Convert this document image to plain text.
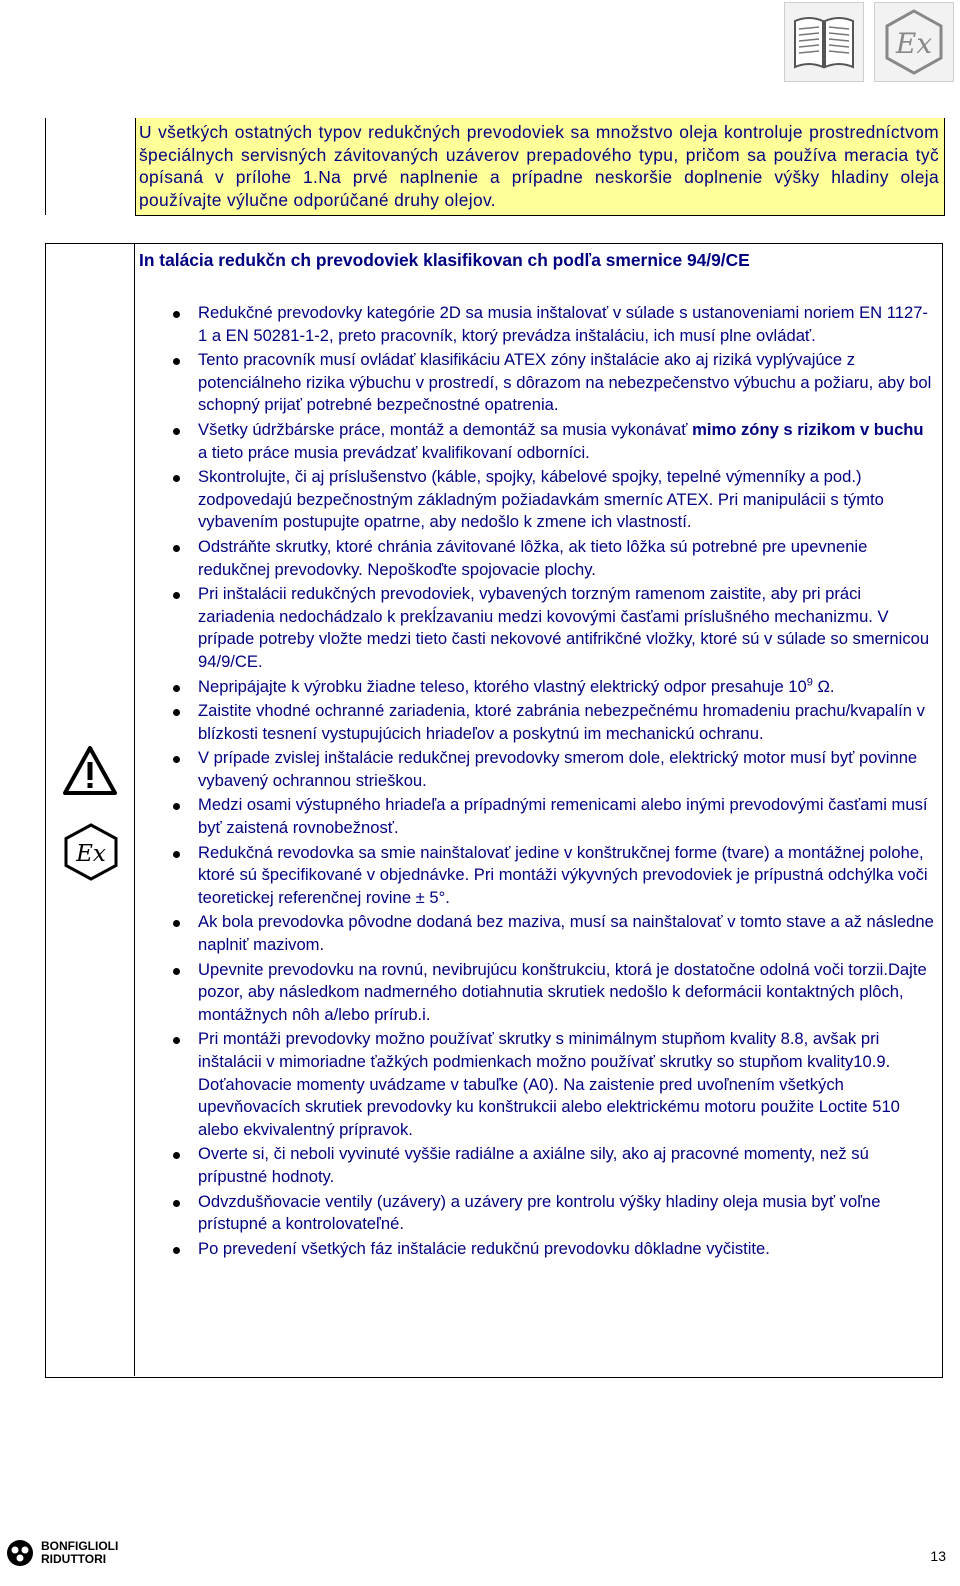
Ex
U všetkých ostatných typov redukčných prevodoviek sa množstvo oleja kontroluje prostredníctvom špeciálnych servisných závitovaných uzáverov prepadového typu, pričom sa používa meracia tyč opísaná v prílohe 1.Na prvé naplnenie a prípadne neskoršie doplnenie výšky hladiny oleja používajte výlučne odporúčané druhy olejov.
Ex
In talácia redukčn ch prevodoviek klasifikovan ch podľa smernice 94/9/CE
Redukčné prevodovky kategórie 2D sa musia inštalovať v súlade s ustanoveniami noriem EN 1127-1 a EN 50281-1-2, preto pracovník, ktorý prevádza inštaláciu, ich musí plne ovládať.
Tento pracovník musí ovládať klasifikáciu ATEX zóny inštalácie ako aj riziká vyplývajúce z potenciálneho rizika výbuchu v prostredí, s dôrazom na nebezpečenstvo výbuchu a požiaru, aby bol schopný prijať potrebné bezpečnostné opatrenia.
Všetky údržbárske práce, montáž a demontáž sa musia vykonávať mimo zóny s rizikom v buchu a tieto práce musia prevádzať kvalifikovaní odborníci.
Skontrolujte, či aj príslušenstvo (káble, spojky, kábelové spojky, tepelné výmenníky a pod.) zodpovedajú bezpečnostným základným požiadavkám smerníc ATEX. Pri manipulácii s týmto vybavením postupujte opatrne, aby nedošlo k zmene ich vlastností.
Odstráňte skrutky, ktoré chránia závitované lôžka, ak tieto lôžka sú potrebné pre upevnenie redukčnej prevodovky. Nepoškoďte spojovacie plochy.
Pri inštalácii redukčných prevodoviek, vybavených torzným ramenom zaistite, aby pri práci zariadenia nedochádzalo k prekĺzavaniu medzi kovovými časťami príslušného mechanizmu. V prípade potreby vložte medzi tieto časti nekovové antifrikčné vložky, ktoré sú v súlade so smernicou 94/9/CE.
Nepripájajte k výrobku žiadne teleso, ktorého vlastný elektrický odpor presahuje $10^9$ Ω.
Zaistite vhodné ochranné zariadenia, ktoré zabránia nebezpečnému hromadeniu prachu/kvapalín v blízkosti tesnení vystupujúcich hriadeľov a poskytnú im mechanickú ochranu.
V prípade zvislej inštalácie redukčnej prevodovky smerom dole, elektrický motor musí byť povinne vybavený ochrannou strieškou.
Medzi osami výstupného hriadeľa a prípadnými remenicami alebo inými prevodovými časťami musí byť zaistená rovnobežnosť.
Redukčná revodovka sa smie nainštalovať jedine v konštrukčnej forme (tvare) a montážnej polohe, ktoré sú špecifikované v objednávke. Pri montáži výkyvných prevodoviek je prípustná odchýlka voči teoretickej referenčnej rovine ± 5°.
Ak bola prevodovka pôvodne dodaná bez maziva, musí sa nainštalovať v tomto stave a až následne naplniť mazivom.
Upevnite prevodovku na rovnú, nevibrujúcu konštrukciu, ktorá je dostatočne odolná voči torzii.Dajte pozor, aby následkom nadmerného dotiahnutia skrutiek nedošlo k deformácii kontaktných plôch, montážnych nôh a/lebo prírub.i.
Pri montáži prevodovky možno používať skrutky s minimálnym stupňom kvality 8.8, avšak pri inštalácii v mimoriadne ťažkých podmienkach možno používať skrutky so stupňom kvality10.9. Doťahovacie momenty uvádzame v tabuľke (A0). Na zaistenie pred uvoľnením všetkých upevňovacích skrutiek prevodovky ku konštrukcii alebo elektrickému motoru použite Loctite 510 alebo ekvivalentný prípravok.
Overte si, či neboli vyvinuté vyššie radiálne a axiálne sily, ako aj pracovné momenty, než sú prípustné hodnoty.
Odvzdušňovacie ventily (uzávery) a uzávery pre kontrolu výšky hladiny oleja musia byť voľne prístupné a kontrolovateľné.
Po prevedení všetkých fáz inštalácie redukčnú prevodovku dôkladne vyčistite.
BONFIGLIOLI
RIDUTTORI	13
